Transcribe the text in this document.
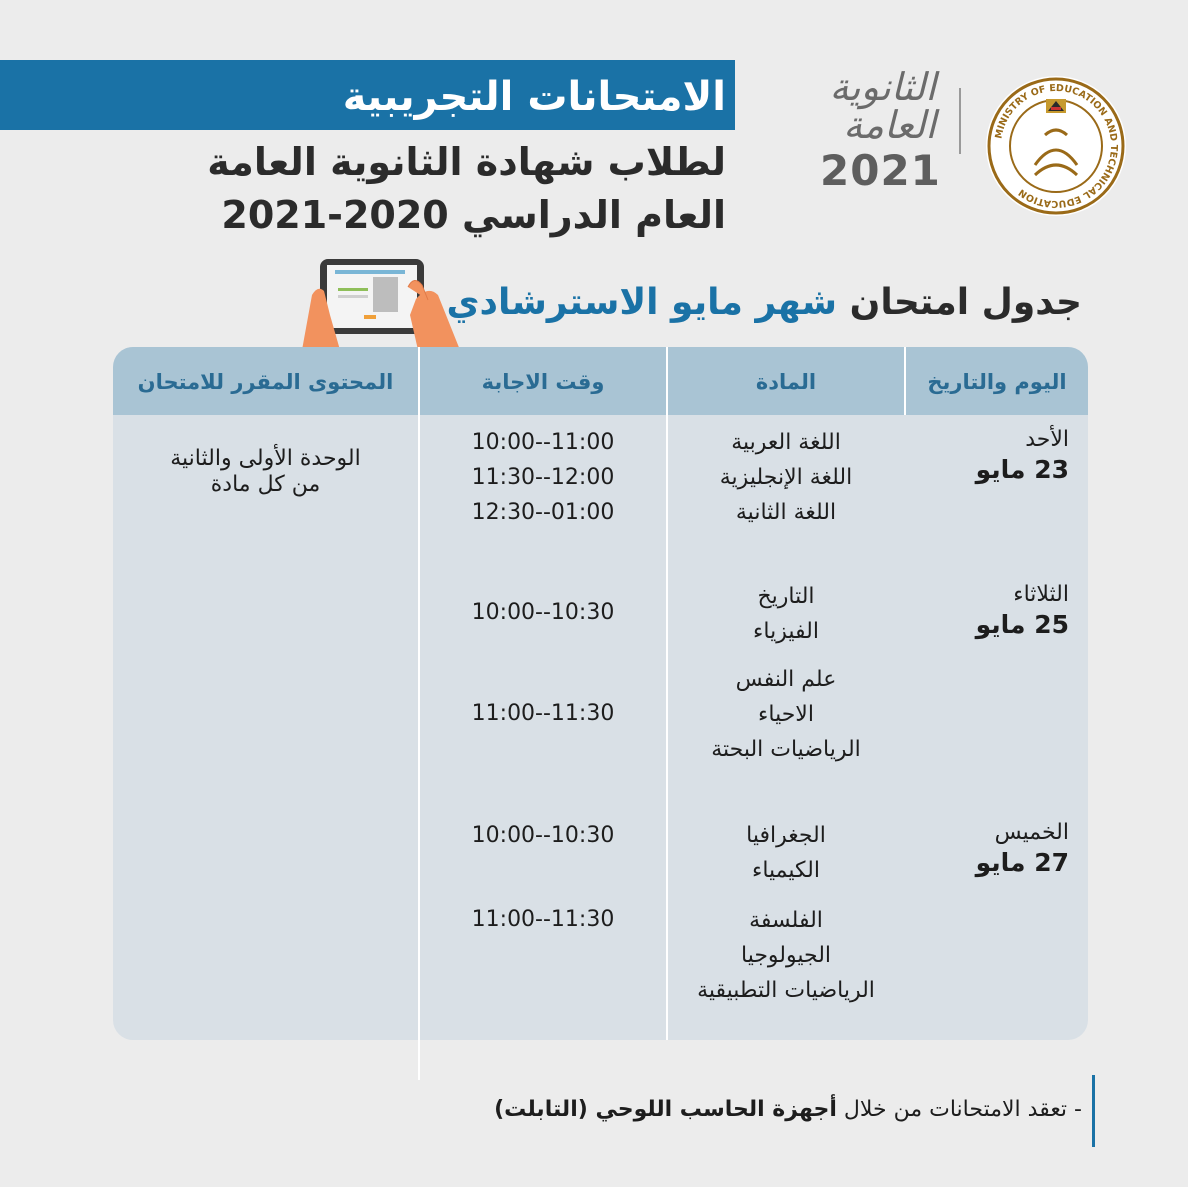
الامتحانات التجريبية
لطلاب شهادة الثانوية العامة
العام الدراسي 2020-2021
الثانوية العامة
2021
MINISTRY OF EDUCATION AND TECHNICAL EDUCATION
جدول امتحان شهر مايو الاسترشادي
اليوم والتاريخ
المادة
وقت الاجابة
المحتوى المقرر للامتحان
الأحد
23 مايو
الثلاثاء
25 مايو
الخميس
27 مايو
اللغة العربية
اللغة الإنجليزية
اللغة الثانية
التاريخ
الفيزياء
علم النفس
الاحياء
الرياضيات البحتة
الجغرافيا
الكيمياء
الفلسفة
الجيولوجيا
الرياضيات التطبيقية
10:00--11:00
11:30--12:00
12:30--01:00
10:00--10:30
11:00--11:30
10:00--10:30
11:00--11:30
الوحدة الأولى والثانية
من كل مادة
- تعقد الامتحانات من خلال أجهزة الحاسب اللوحي (التابلت)
